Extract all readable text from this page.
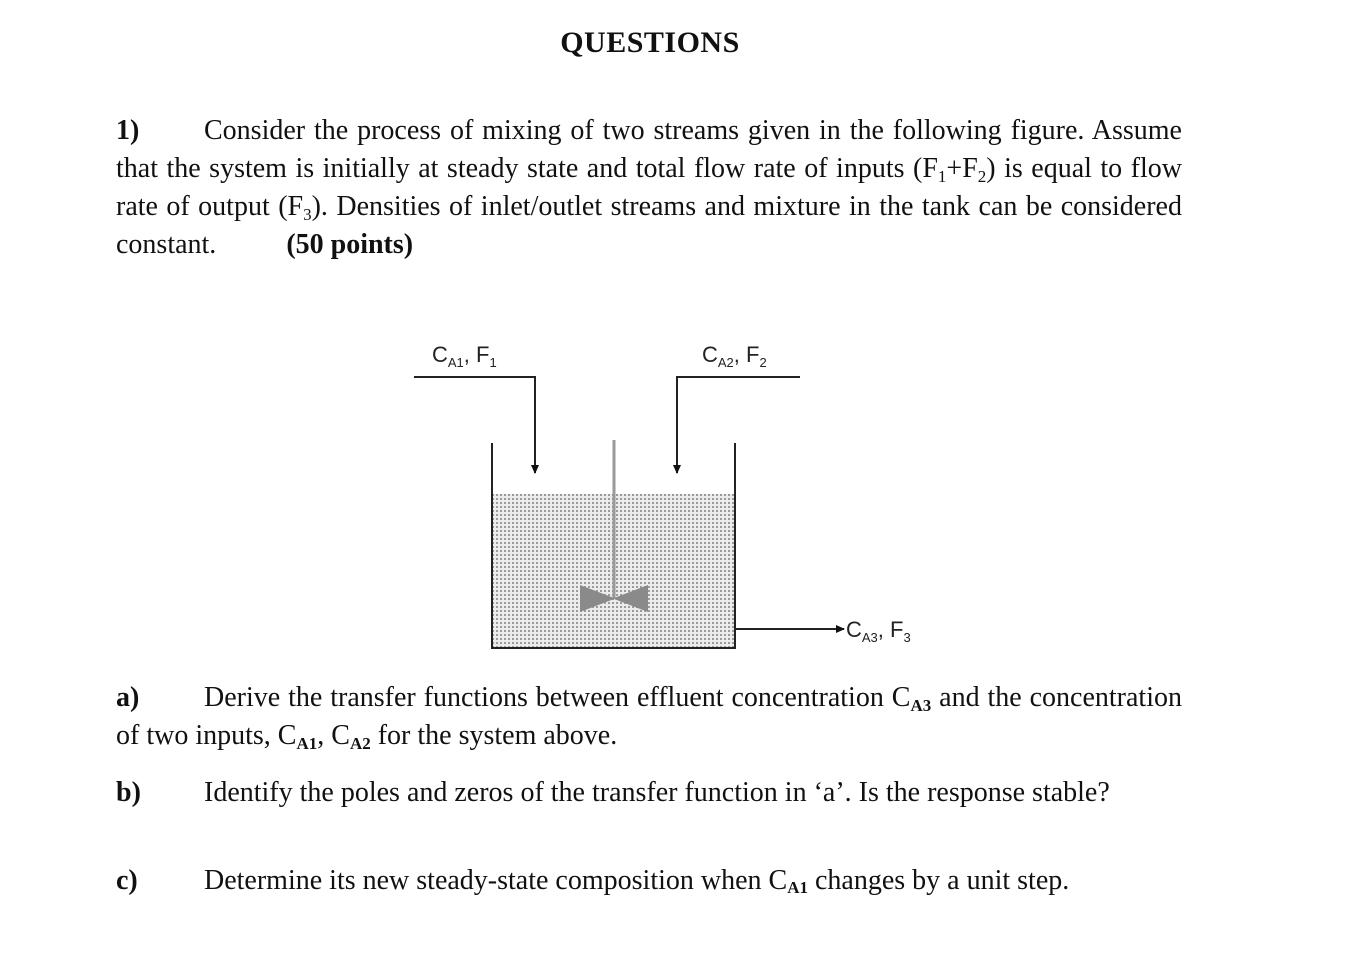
QUESTIONS
1) Consider the process of mixing of two streams given in the following figure. Assume that the system is initially at steady state and total flow rate of inputs $(F_1+F_2)$ is equal to flow rate of output $(F_3)$. Densities of inlet/outlet streams and mixture in the tank can be considered constant.	(50 points)
$C_{A1}$, $F_1$	$C_{A2}$, $F_2$
$C_{A3}$, $F_3$
a) Derive the transfer functions between effluent concentration $C_{A3}$ and the concentration of two inputs, $C_{A1}$, $C_{A2}$ for the system above.
b) Identify the poles and zeros of the transfer function in ‘a’. Is the response stable?
c) Determine its new steady-state composition when CA1 changes by a unit step.
